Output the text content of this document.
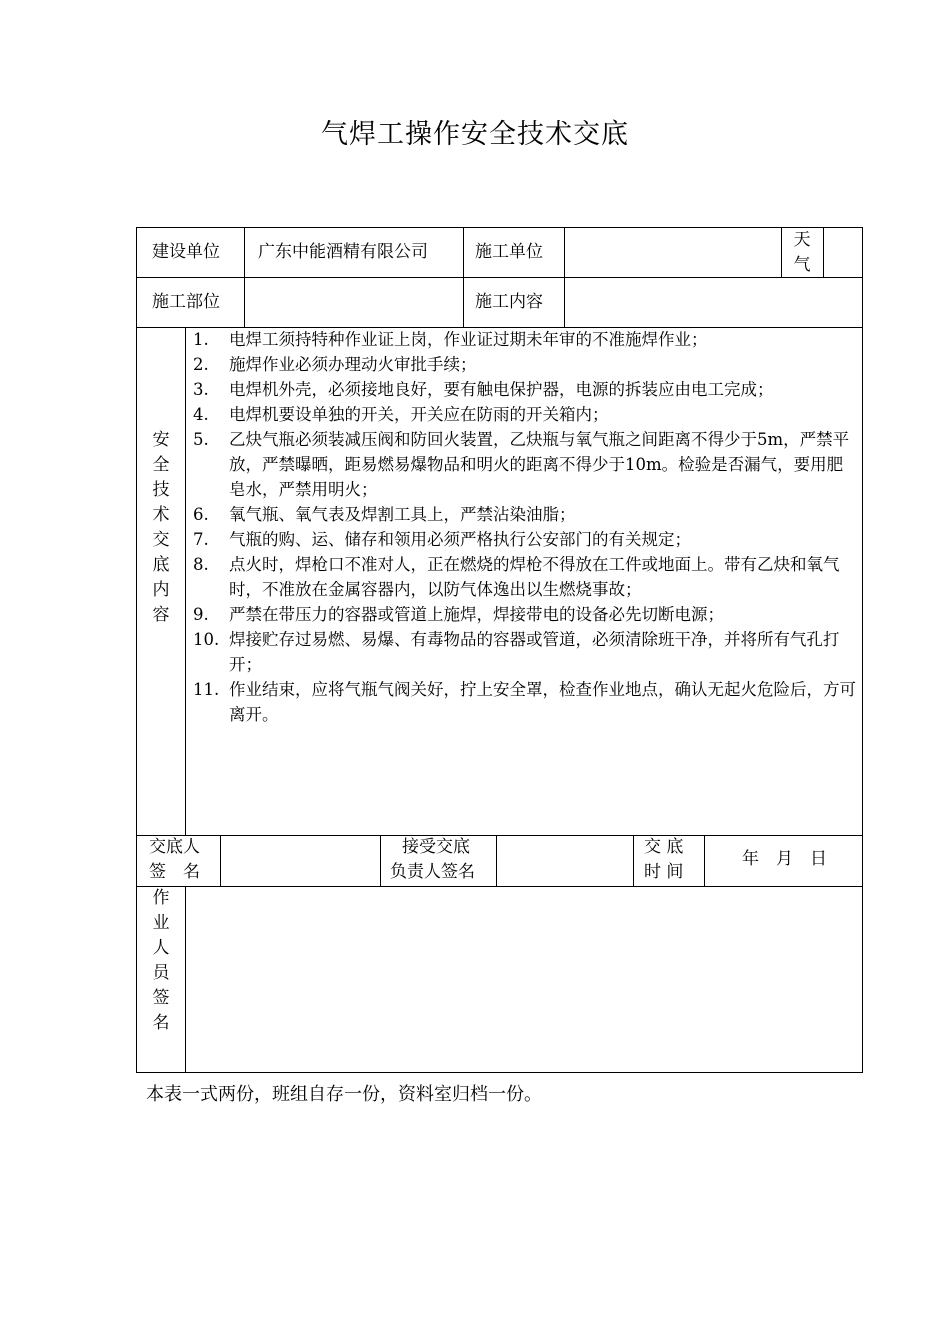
气焊工操作安全技术交底
建设单位 广东中能酒精有限公司	施工单位
天
气
施工部位	施工内容
安
全
技
术
交
底
内
容
1. 电焊工须持特种作业证上岗，作业证过期未年审的不准施焊作业；
2. 施焊作业必须办理动火审批手续；
3. 电焊机外壳，必须接地良好，要有触电保护器，电源的拆装应由电工完成；
4. 电焊机要设单独的开关，开关应在防雨的开关箱内；
5. 乙炔气瓶必须装减压阀和防回火装置，乙炔瓶与氧气瓶之间距离不得少于5m，严禁平放，严禁曝晒，距易燃易爆物品和明火的距离不得少于10m。检验是否漏气，要用肥皂水，严禁用明火；
6. 氧气瓶、氧气表及焊割工具上，严禁沾染油脂；
7. 气瓶的购、运、储存和领用必须严格执行公安部门的有关规定；
8. 点火时，焊枪口不准对人，正在燃烧的焊枪不得放在工件或地面上。带有乙炔和氧气时，不准放在金属容器内，以防气体逸出以生燃烧事故；
9. 严禁在带压力的容器或管道上施焊，焊接带电的设备必先切断电源；
10. 焊接贮存过易燃、易爆、有毒物品的容器或管道，必须清除班干净，并将所有气孔打开；
11. 作业结束，应将气瓶气阀关好，拧上安全罩，检查作业地点，确认无起火危险后，方可离开。
交底人
签　名
接受交底
负责人签名
交 底
时 间
年　月　日
作
业
人
员
签
名
本表一式两份，班组自存一份，资料室归档一份。
